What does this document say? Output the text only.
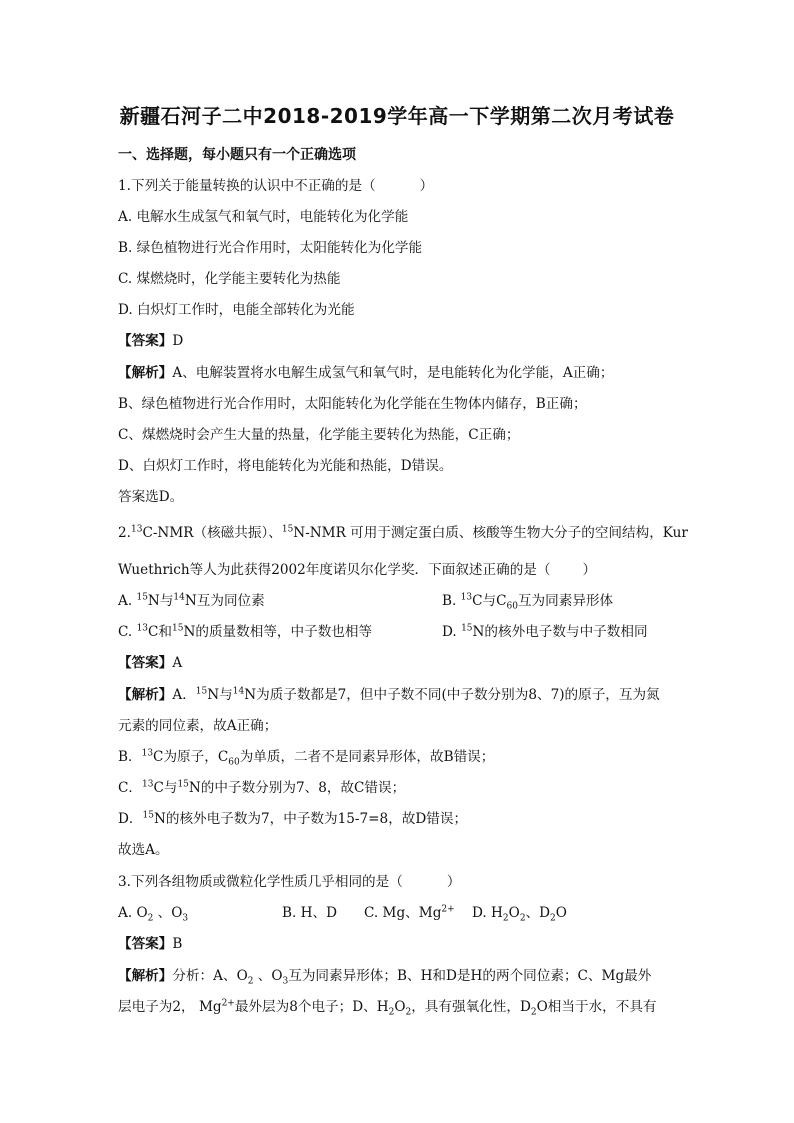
新疆石河子二中2018-2019学年高一下学期第二次月考试卷
一、选择题，每小题只有一个正确选项
1.下列关于能量转换的认识中不正确的是（	）
A. 电解水生成氢气和氧气时，电能转化为化学能
B. 绿色植物进行光合作用时，太阳能转化为化学能
C. 煤燃烧时，化学能主要转化为热能
D. 白炽灯工作时，电能全部转化为光能
【答案】D
【解析】A、电解装置将水电解生成氢气和氧气时，是电能转化为化学能，A正确；
B、绿色植物进行光合作用时，太阳能转化为化学能在生物体内储存，B正确；
C、煤燃烧时会产生大量的热量，化学能主要转化为热能，C正确；
D、白炽灯工作时，将电能转化为光能和热能，D错误。
答案选D。
2.13C-NMR（核磁共振）、$^{15}$N-NMR 可用于测定蛋白质、核酸等生物大分子的空间结构，Kur
Wuethrich等人为此获得2002年度诺贝尔化学奖．下面叙述正确的是（ ）
A. $^{15}$N与$^{14}$N互为同位素	B. $^{13}$C与$C_{60}$互为同素异形体
C. $^{13}$C和$^{15}$N的质量数相等，中子数也相等	D. $^{15}$N的核外电子数与中子数相同
【答案】A
【解析】A．$^{15}$N与$^{14}$N为质子数都是7，但中子数不同(中子数分别为8、7)的原子，互为氮
元素的同位素，故A正确；
B．$^{13}$C为原子，$C_{60}$为单质，二者不是同素异形体，故B错误；
C．$^{13}$C与$^{15}$N的中子数分别为7、8，故C错误；
D．$^{15}$N的核外电子数为7，中子数为15-7=8，故D错误；
故选A。
3.下列各组物质或微粒化学性质几乎相同的是（	）
A. $O_2$ 、$O_3$	B. H、D C. Mg、$Mg^{2+}$ D. $H_2O_2$、$D_2O$
【答案】B
【解析】分析：A、$O_2$ 、$O_3$互为同素异形体；B、H和D是H的两个同位素；C、Mg最外
层电子为2， $Mg^{2+}$最外层为8个电子；D、$H_2O_2$，具有强氧化性，$D_2O$相当于水，不具有
